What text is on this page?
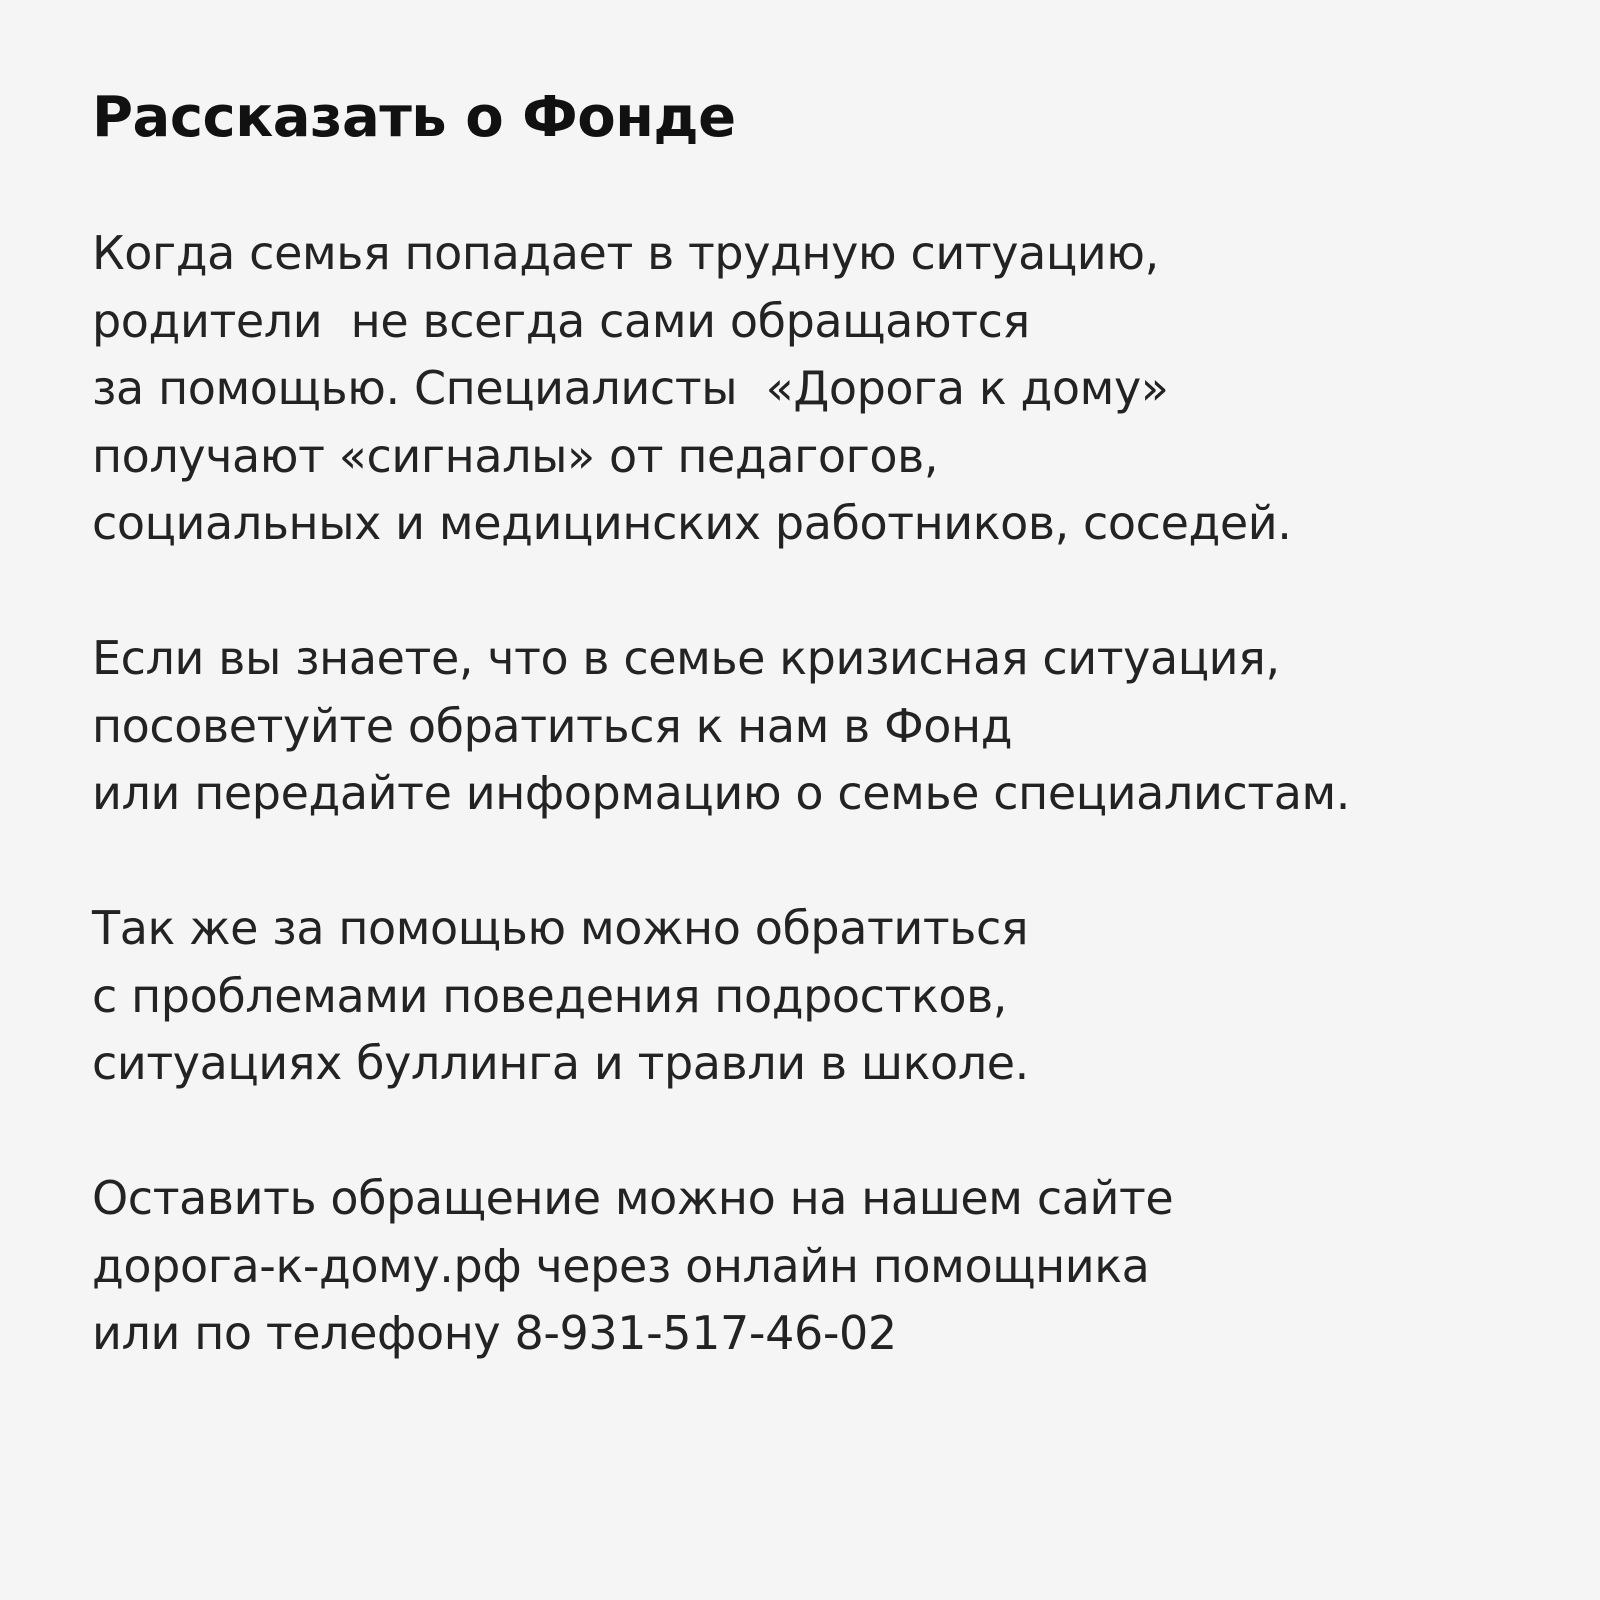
Рассказать о Фонде
Когда семья попадает в трудную ситуацию,
родители  не всегда сами обращаются
за помощью. Специалисты  «Дорога к дому»
получают «сигналы» от педагогов,
социальных и медицинских работников, соседей.
Если вы знаете, что в семье кризисная ситуация,
посоветуйте обратиться к нам в Фонд
или передайте информацию о семье специалистам.
Так же за помощью можно обратиться
с проблемами поведения подростков,
ситуациях буллинга и травли в школе.
Оставить обращение можно на нашем сайте
дорога-к-дому.рф через онлайн помощника
или по телефону 8-931-517-46-02
